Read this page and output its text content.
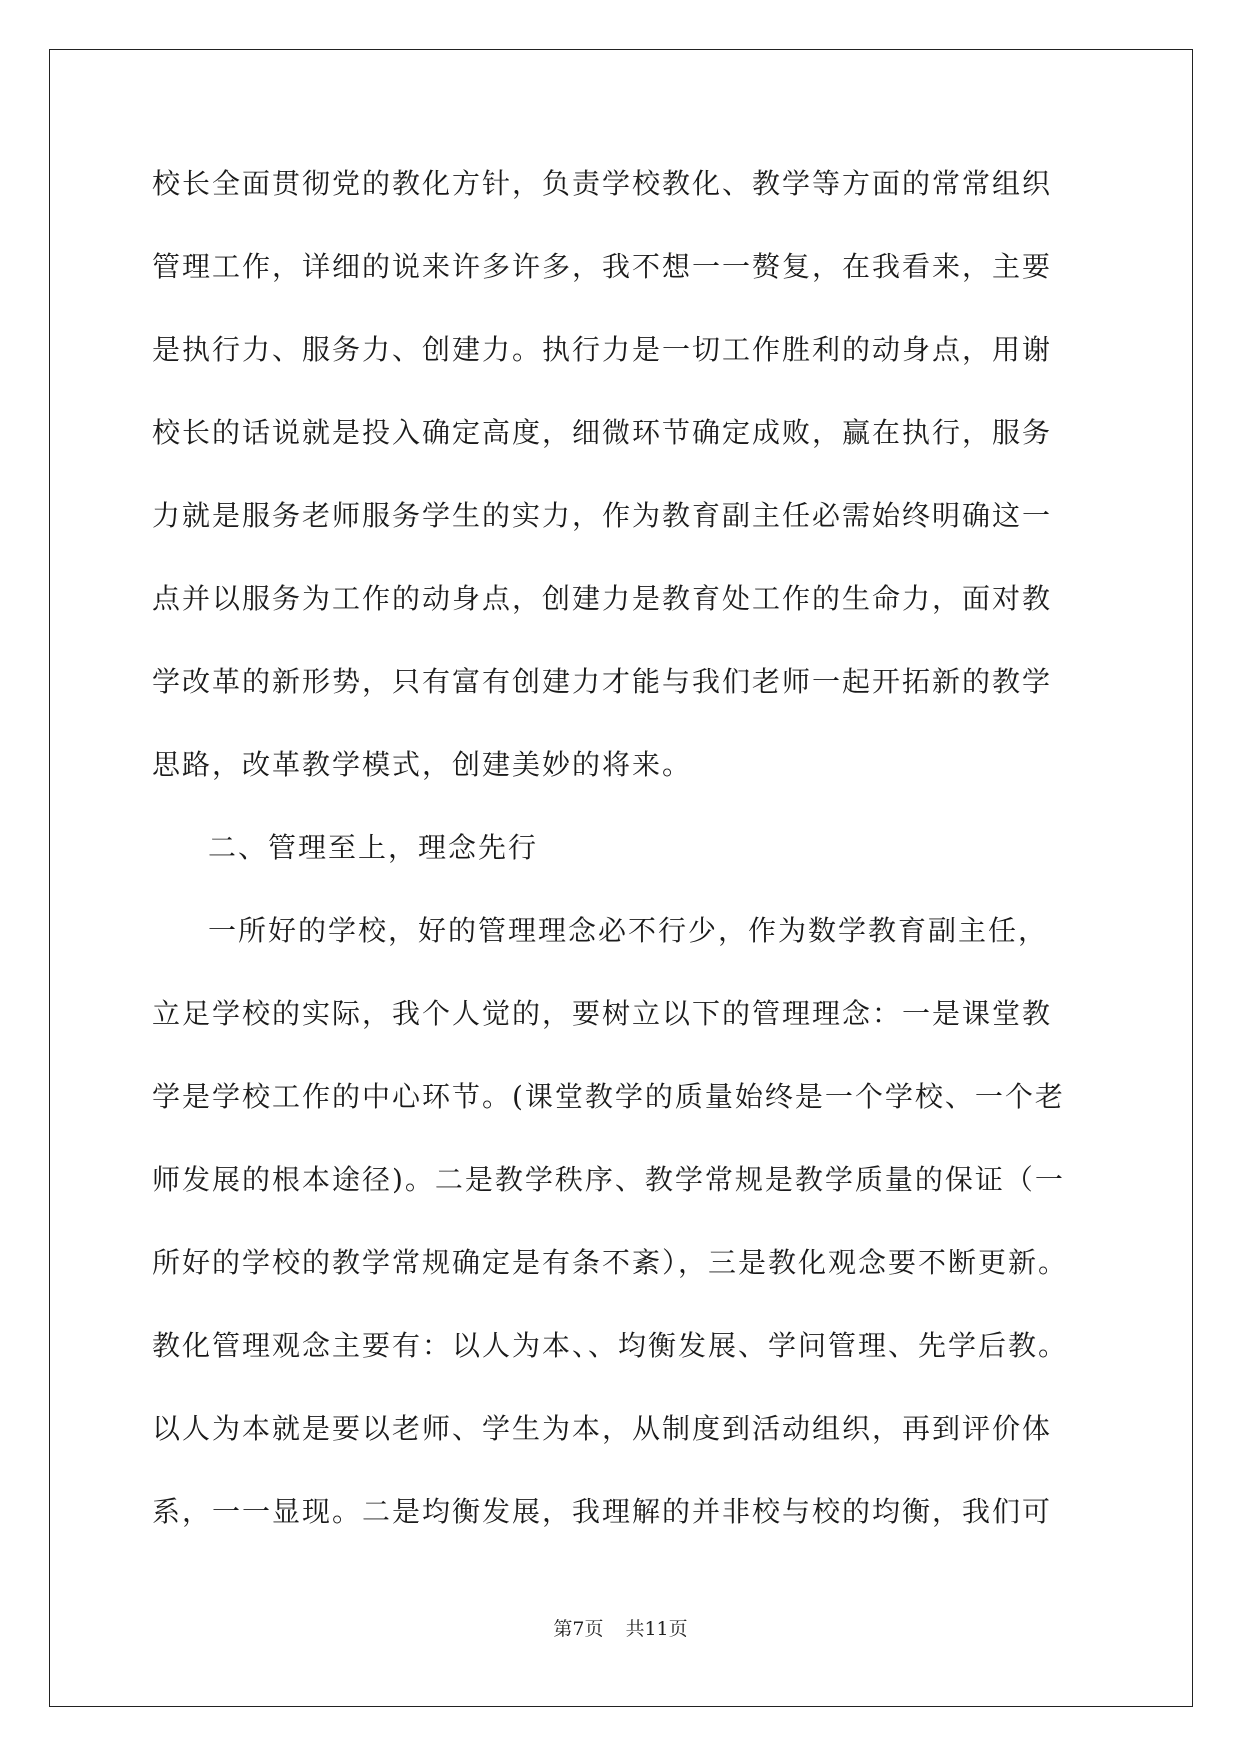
校长全面贯彻党的教化方针，负责学校教化、教学等方面的常常组织
管理工作，详细的说来许多许多，我不想一一赘复，在我看来，主要
是执行力、服务力、创建力。执行力是一切工作胜利的动身点，用谢
校长的话说就是投入确定高度，细微环节确定成败，赢在执行，服务
力就是服务老师服务学生的实力，作为教育副主任必需始终明确这一
点并以服务为工作的动身点，创建力是教育处工作的生命力，面对教
学改革的新形势，只有富有创建力才能与我们老师一起开拓新的教学
思路，改革教学模式，创建美妙的将来。
二、管理至上，理念先行
一所好的学校，好的管理理念必不行少，作为数学教育副主任，
立足学校的实际，我个人觉的，要树立以下的管理理念：一是课堂教
学是学校工作的中心环节。(课堂教学的质量始终是一个学校、一个老
师发展的根本途径)。二是教学秩序、教学常规是教学质量的保证（一
所好的学校的教学常规确定是有条不紊），三是教化观念要不断更新。
教化管理观念主要有：以人为本、、均衡发展、学问管理、先学后教。
以人为本就是要以老师、学生为本，从制度到活动组织，再到评价体
系，一一显现。二是均衡发展，我理解的并非校与校的均衡，我们可
第7页 共11页
